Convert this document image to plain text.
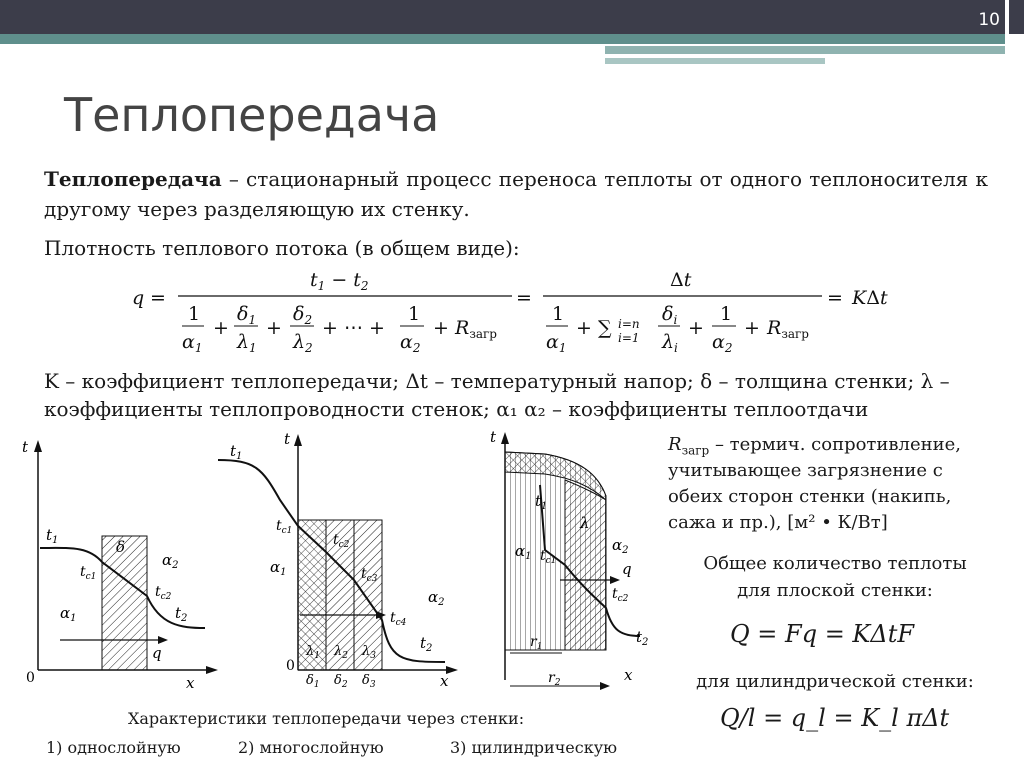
10
Теплопередача
Теплопередача – стационарный процесс переноса теплоты от одного теплоносителя к другому через разделяющую их стенку.
Плотность теплового потока (в общем виде):
q =
$t_1 - t_2$
1
$\alpha_1$
+
$\delta_1$
$\lambda_1$
+
$\delta_2$
$\lambda_2$
+ ⋯ +
1
$\alpha_2$
+ $R_{загр}$
=
Δt
1
$\alpha_1$
+ ∑ i=n
i=1
$\delta_i$
$\lambda_i$
+
1
$\alpha_2$
+ $R_{загр}$
= KΔt
K – коэффициент теплопередачи; Δt – температурный напор; δ – толщина стенки; λ –
коэффициенты теплопроводности стенок; α₁ α₂ – коэффициенты теплоотдачи
t
$t_1$
$t_{c1}$
$t_{c2}$
$\alpha_2$
$\alpha_1$	$t_2$
δ
q
0	x
t
$t_1$
$t_{c1}$
$t_{c2}$
$t_{c3}$
$t_{c4}$
$\alpha_1$
$\alpha_2$
$t_2$
$\lambda_1$ $\lambda_2$ $\lambda_3$
$\delta_1$ $\delta_2$ $\delta_3$
0
x
t
$t_1$
λ
$\alpha_2$
$\alpha_1$ $t_{c1}$
$t_{c2}$
q
$t_2$
$r_1$
$r_2$	x
Характеристики теплопередачи через стенки:
1) однослойную	2) многослойную	3) цилиндрическую
$R_{загр}$ – термич. сопротивление,
учитывающее загрязнение с
обеих сторон стенки (накипь,
сажа и пр.), [м² • К/Вт]
Общее количество теплоты
для плоской стенки:
Q = Fq = KΔtF
для цилиндрической стенки:
Q/l = q_l = K_l πΔt
